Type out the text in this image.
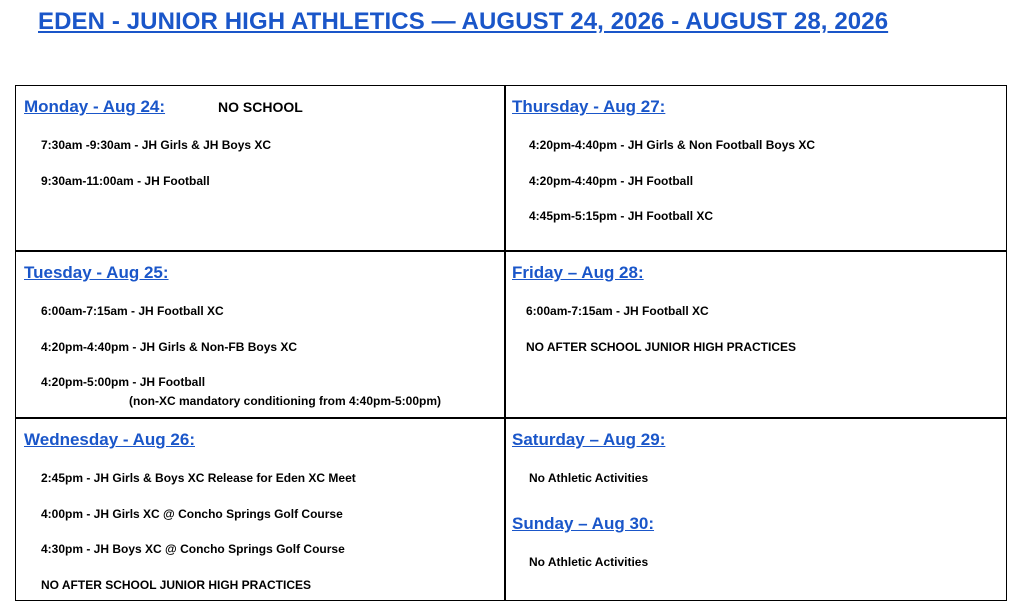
EDEN - JUNIOR HIGH ATHLETICS — AUGUST 24, 2026 - AUGUST 28, 2026
Monday - Aug 24:	NO SCHOOL
7:30am -9:30am - JH Girls & JH Boys XC
9:30am-11:00am - JH Football
Thursday - Aug 27:
4:20pm-4:40pm - JH Girls & Non Football Boys XC
4:20pm-4:40pm - JH Football
4:45pm-5:15pm - JH Football XC
Tuesday - Aug 25:
6:00am-7:15am - JH Football XC
4:20pm-4:40pm - JH Girls & Non-FB Boys XC
4:20pm-5:00pm - JH Football
(non-XC mandatory conditioning from 4:40pm-5:00pm)
Friday – Aug 28:
6:00am-7:15am - JH Football XC
NO AFTER SCHOOL JUNIOR HIGH PRACTICES
Wednesday - Aug 26:
2:45pm - JH Girls & Boys XC Release for Eden XC Meet
4:00pm - JH Girls XC @ Concho Springs Golf Course
4:30pm - JH Boys XC @ Concho Springs Golf Course
NO AFTER SCHOOL JUNIOR HIGH PRACTICES
Saturday – Aug 29:
No Athletic Activities
Sunday – Aug 30:
No Athletic Activities
